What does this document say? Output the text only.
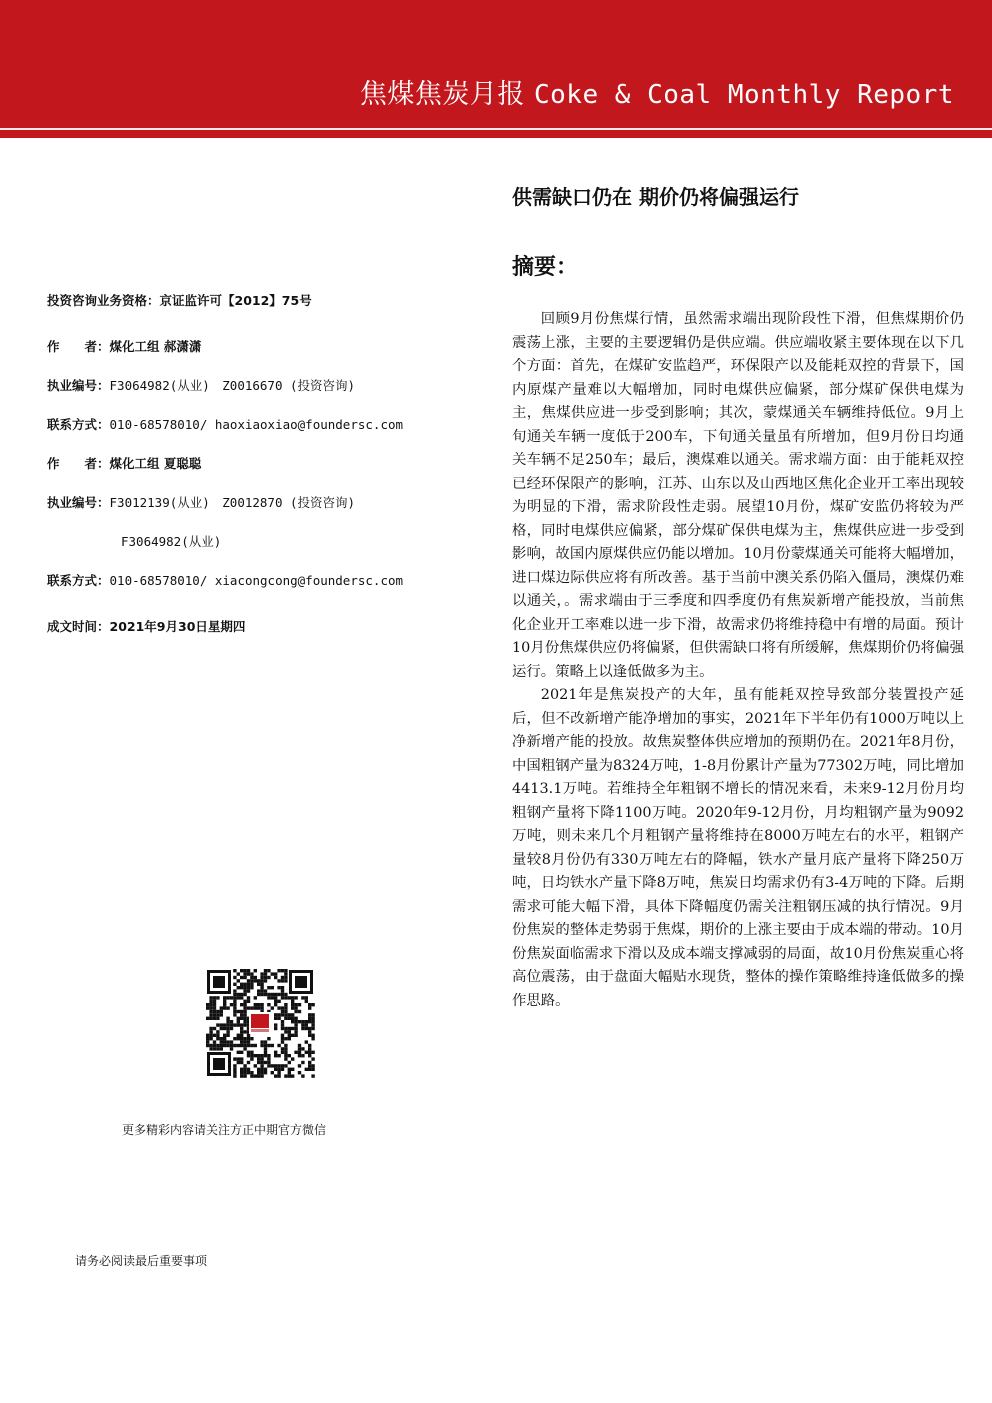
焦煤焦炭月报 Coke & Coal Monthly Report
供需缺口仍在 期价仍将偏强运行
摘要：

回顾9月份焦煤行情，虽然需求端出现阶段性下滑，但焦煤期价仍震荡上涨，主要的主要逻辑仍是供应端。供应端收紧主要体现在以下几个方面：首先，在煤矿安监趋严，环保限产以及能耗双控的背景下，国内原煤产量难以大幅增加，同时电煤供应偏紧，部分煤矿保供电煤为主，焦煤供应进一步受到影响；其次，蒙煤通关车辆维持低位。9月上旬通关车辆一度低于200车，下旬通关量虽有所增加，但9月份日均通关车辆不足250车；最后，澳煤难以通关。需求端方面：由于能耗双控已经环保限产的影响，江苏、山东以及山西地区焦化企业开工率出现较为明显的下滑，需求阶段性走弱。展望10月份，煤矿安监仍将较为严格，同时电煤供应偏紧，部分煤矿保供电煤为主，焦煤供应进一步受到影响，故国内原煤供应仍能以增加。10月份蒙煤通关可能将大幅增加，进口煤边际供应将有所改善。基于当前中澳关系仍陷入僵局，澳煤仍难以通关，。需求端由于三季度和四季度仍有焦炭新增产能投放，当前焦化企业开工率难以进一步下滑，故需求仍将维持稳中有增的局面。预计10月份焦煤供应仍将偏紧，但供需缺口将有所缓解，焦煤期价仍将偏强运行。策略上以逢低做多为主。

2021年是焦炭投产的大年，虽有能耗双控导致部分装置投产延后，但不改新增产能净增加的事实，2021年下半年仍有1000万吨以上净新增产能的投放。故焦炭整体供应增加的预期仍在。2021年8月份，中国粗钢产量为8324万吨，1-8月份累计产量为77302万吨，同比增加4413.1万吨。若维持全年粗钢不增长的情况来看，未来9-12月份月均粗钢产量将下降1100万吨。2020年9-12月份，月均粗钢产量为9092万吨，则未来几个月粗钢产量将维持在8000万吨左右的水平，粗钢产量较8月份仍有330万吨左右的降幅，铁水产量月底产量将下降250万吨，日均铁水产量下降8万吨，焦炭日均需求仍有3-4万吨的下降。后期需求可能大幅下滑，具体下降幅度仍需关注粗钢压减的执行情况。9月份焦炭的整体走势弱于焦煤，期价的上涨主要由于成本端的带动。10月份焦炭面临需求下滑以及成本端支撑减弱的局面，故10月份焦炭重心将高位震荡，由于盘面大幅贴水现货，整体的操作策略维持逢低做多的操作思路。

投资咨询业务资格：京证监许可【2012】75号
作　　者：煤化工组 郝潇潇
执业编号：F3064982(从业)　Z0016670 (投资咨询)
联系方式：010-68578010/ haoxiaoxiao@foundersc.com
作　　者：煤化工组 夏聪聪
执业编号：F3012139(从业)　Z0012870 (投资咨询)
F3064982(从业)
联系方式：010-68578010/ xiacongcong@foundersc.com
成文时间：2021年9月30日星期四
更多精彩内容请关注方正中期官方微信
请务必阅读最后重要事项
